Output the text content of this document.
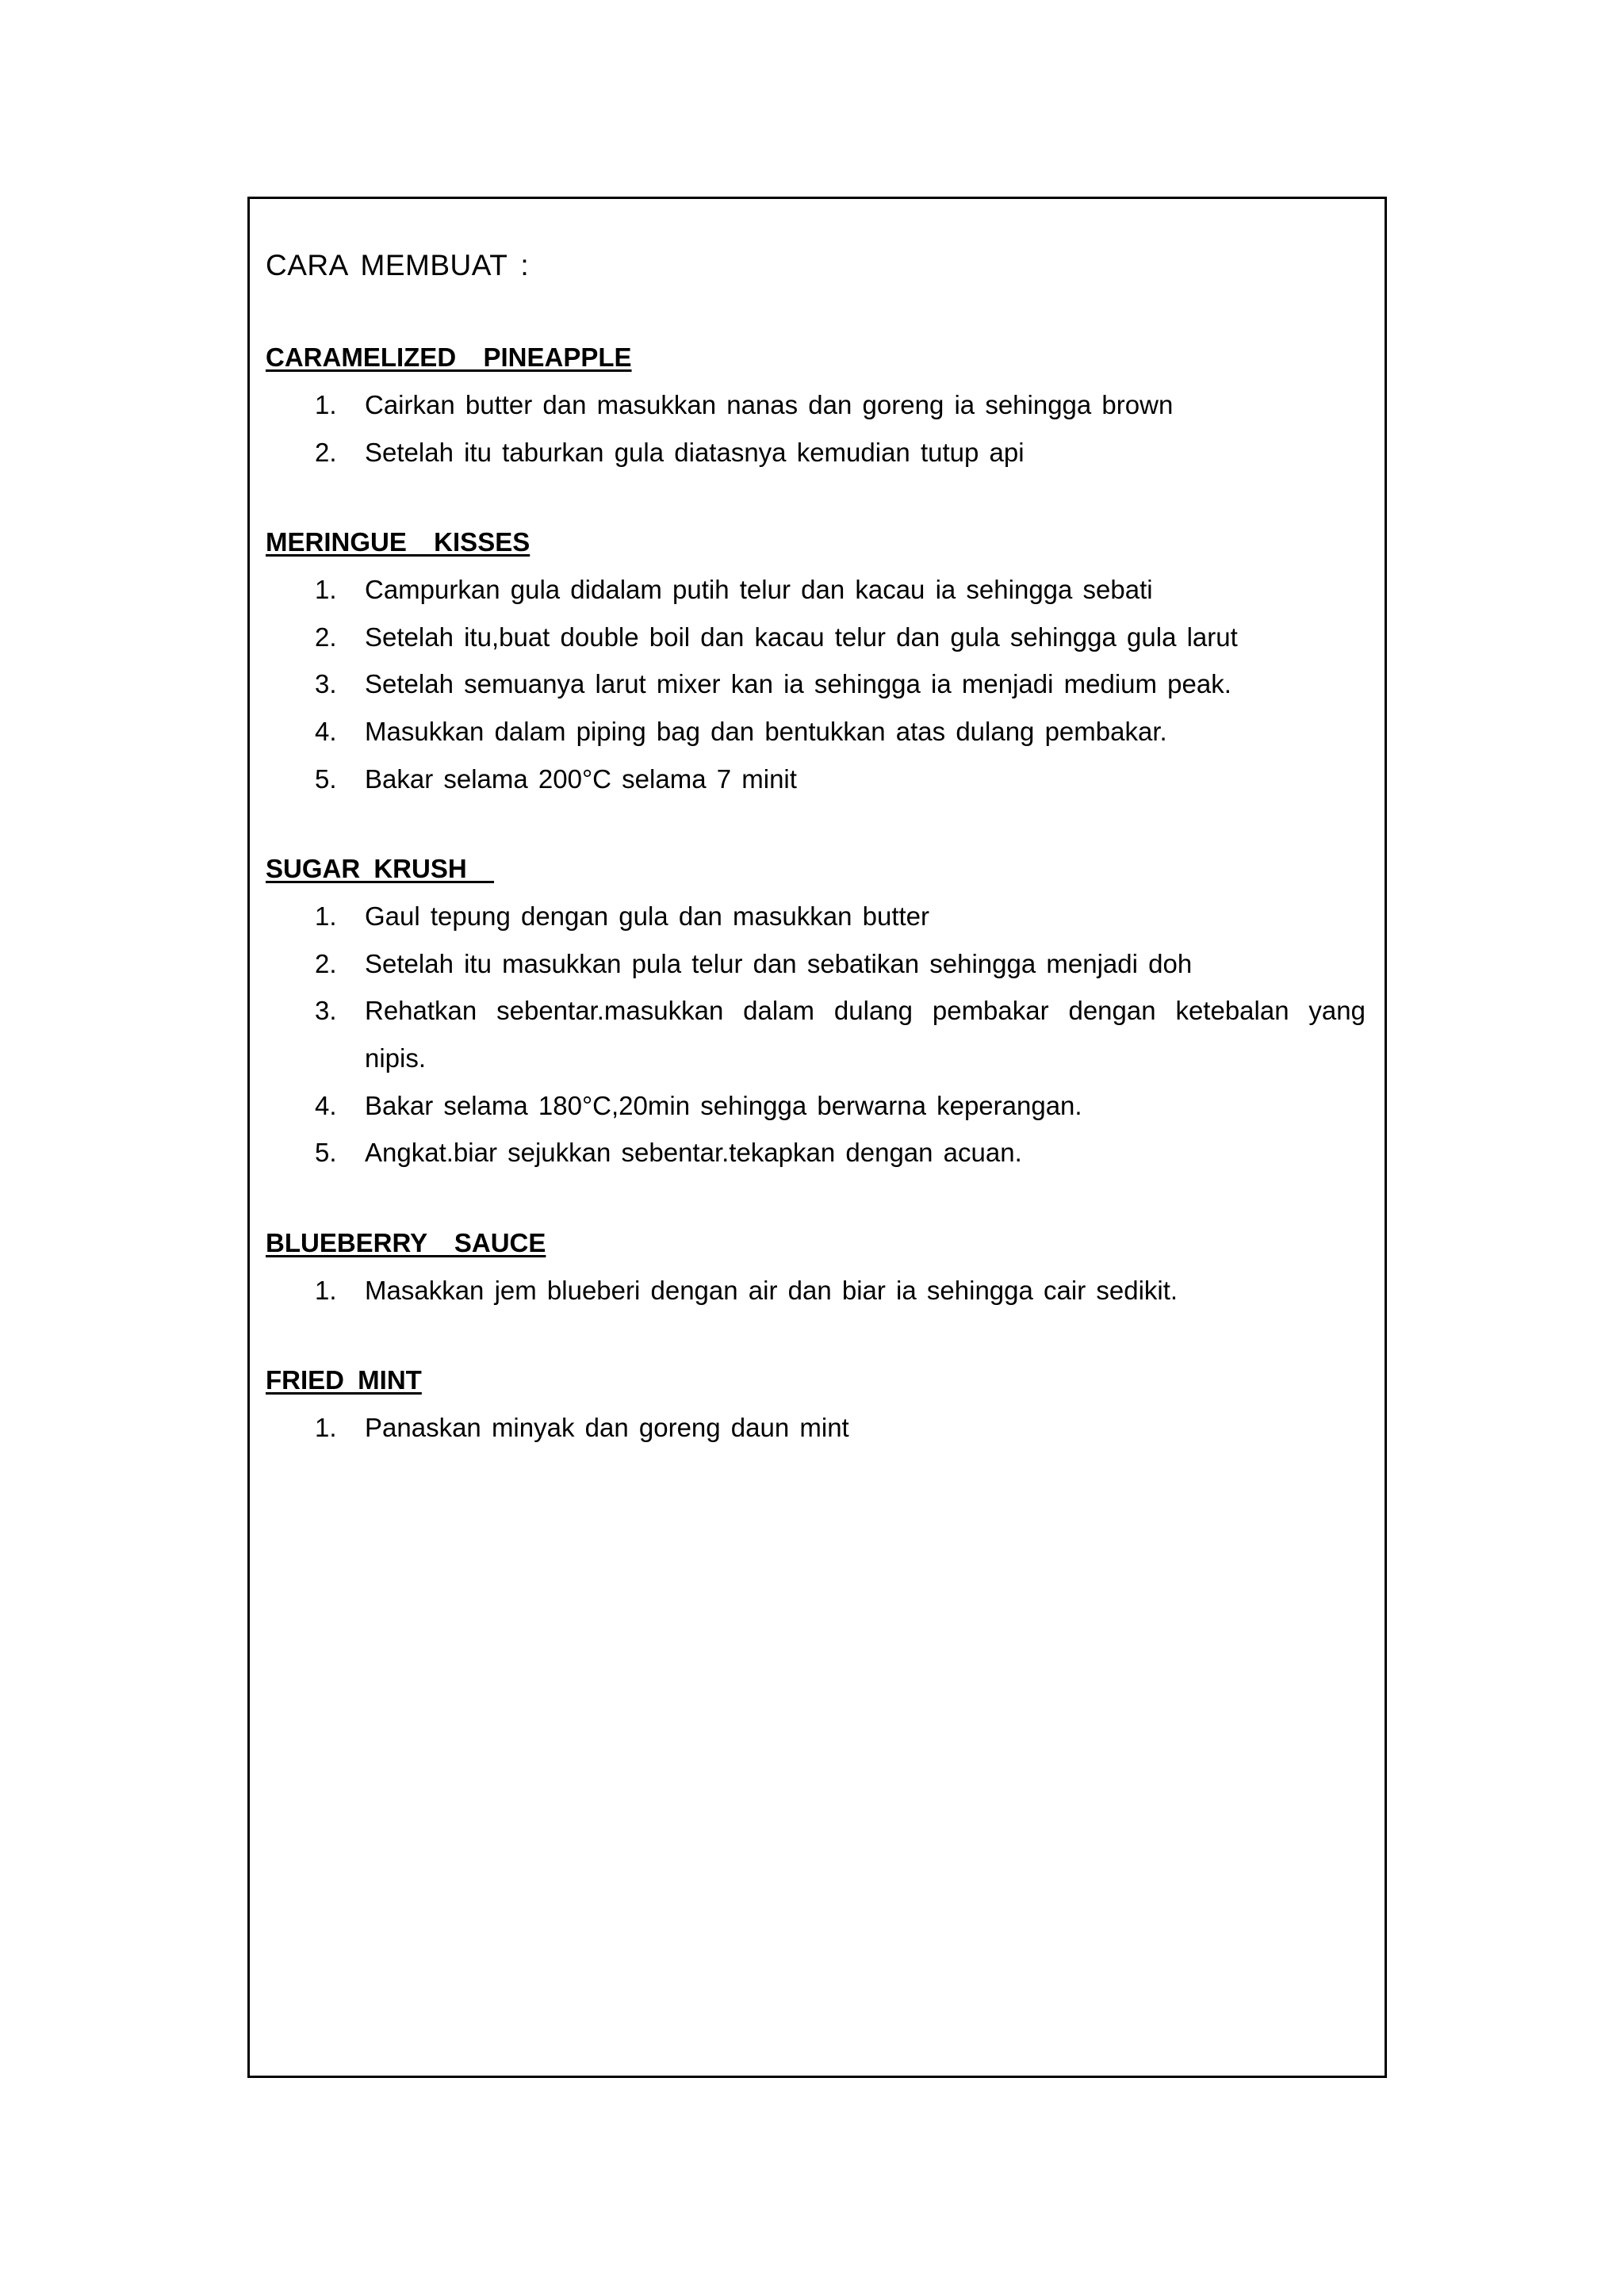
CARA MEMBUAT :
CARAMELIZED  PINEAPPLE
1.	Cairkan butter dan masukkan nanas dan goreng ia sehingga brown
2.	Setelah itu taburkan gula diatasnya kemudian tutup api
MERINGUE  KISSES
1.	Campurkan gula didalam putih telur dan kacau ia sehingga sebati
2.	Setelah itu,buat double boil dan kacau telur dan gula sehingga gula larut
3.	Setelah semuanya larut mixer kan ia sehingga ia menjadi medium peak.
4.	Masukkan dalam piping bag dan bentukkan atas dulang pembakar.
5.	Bakar selama 200°C selama 7 minit
SUGAR KRUSH
1.	Gaul tepung dengan gula dan masukkan butter
2.	Setelah itu masukkan pula telur dan sebatikan sehingga menjadi doh
3.	Rehatkan sebentar.masukkan dalam dulang pembakar dengan ketebalan yang nipis.
4.	Bakar selama 180°C,20min sehingga berwarna keperangan.
5.	Angkat.biar sejukkan sebentar.tekapkan dengan acuan.
BLUEBERRY  SAUCE
1.	Masakkan jem blueberi dengan air dan biar ia sehingga cair sedikit.
FRIED MINT
1.	Panaskan minyak dan goreng daun mint
